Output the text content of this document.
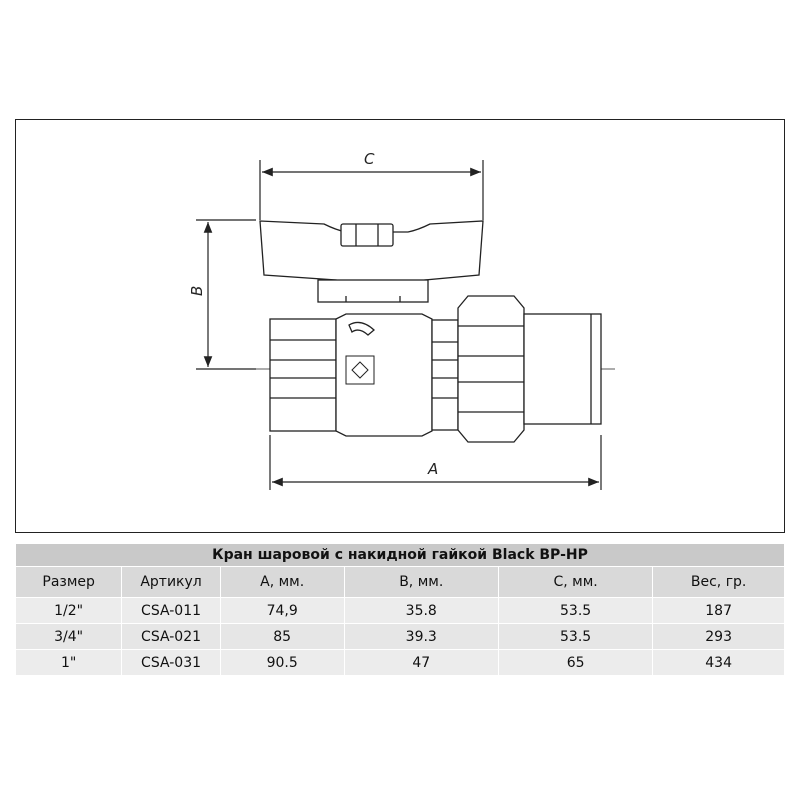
C
B
A
Кран шаровой с накидной гайкой Black BP-HP					
Размер	Артикул	A, мм.	B, мм.	C, мм.	Вес, гр.
1/2"	CSA-011	74,9	35.8	53.5	187
3/4"	CSA-021	85	39.3	53.5	293
1"	CSA-031	90.5	47	65	434
